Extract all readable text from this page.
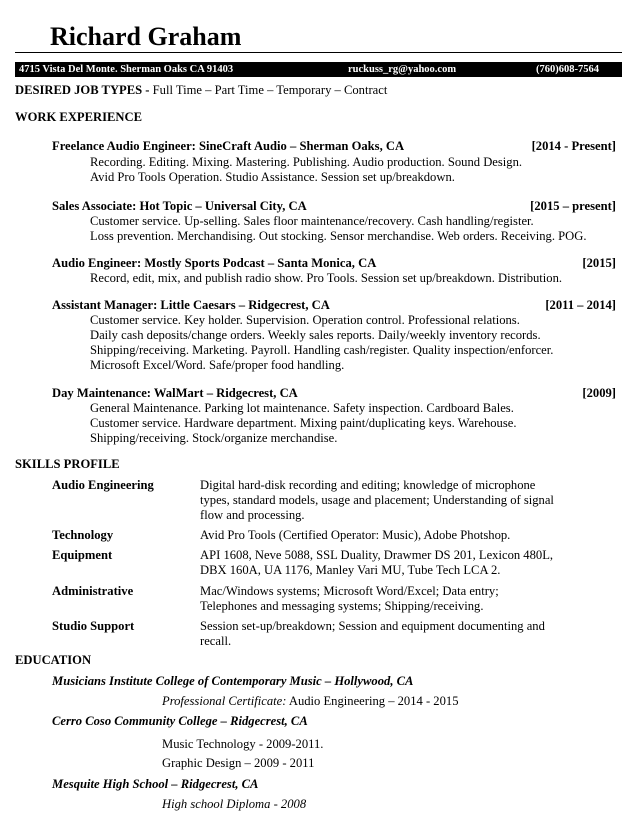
Richard Graham
4715 Vista Del Monte. Sherman Oaks CA 91403	ruckuss_rg@yahoo.com	(760)608-7564
DESIRED JOB TYPES - Full Time – Part Time – Temporary – Contract
WORK EXPERIENCE
Freelance Audio Engineer: SineCraft Audio – Sherman Oaks, CA	[2014 - Present]
Recording. Editing. Mixing. Mastering. Publishing. Audio production. Sound Design.
Avid Pro Tools Operation. Studio Assistance. Session set up/breakdown.
Sales Associate: Hot Topic – Universal City, CA	[2015 – present]
Customer service. Up-selling. Sales floor maintenance/recovery. Cash handling/register.
Loss prevention. Merchandising. Out stocking. Sensor merchandise. Web orders. Receiving. POG.
Audio Engineer: Mostly Sports Podcast – Santa Monica, CA	[2015]
Record, edit, mix, and publish radio show. Pro Tools. Session set up/breakdown. Distribution.
Assistant Manager: Little Caesars – Ridgecrest, CA	[2011 – 2014]
Customer service. Key holder. Supervision. Operation control. Professional relations.
Daily cash deposits/change orders. Weekly sales reports. Daily/weekly inventory records.
Shipping/receiving. Marketing. Payroll. Handling cash/register. Quality inspection/enforcer.
Microsoft Excel/Word. Safe/proper food handling.
Day Maintenance: WalMart – Ridgecrest, CA	[2009]
General Maintenance. Parking lot maintenance. Safety inspection. Cardboard Bales.
Customer service. Hardware department. Mixing paint/duplicating keys. Warehouse.
Shipping/receiving. Stock/organize merchandise.
SKILLS PROFILE
Audio Engineering	Digital hard-disk recording and editing; knowledge of microphone
types, standard models, usage and placement; Understanding of signal
flow and processing.
Technology	Avid Pro Tools (Certified Operator: Music), Adobe Photshop.
Equipment	API 1608, Neve 5088, SSL Duality, Drawmer DS 201, Lexicon 480L,
DBX 160A, UA 1176, Manley Vari MU, Tube Tech LCA 2.
Administrative	Mac/Windows systems; Microsoft Word/Excel; Data entry;
Telephones and messaging systems; Shipping/receiving.
Studio Support	Session set-up/breakdown; Session and equipment documenting and
recall.
EDUCATION
Musicians Institute College of Contemporary Music – Hollywood, CA
Professional Certificate: Audio Engineering – 2014 - 2015
Cerro Coso Community College – Ridgecrest, CA
Music Technology - 2009-2011.
Graphic Design – 2009 - 2011
Mesquite High School – Ridgecrest, CA
High school Diploma - 2008
